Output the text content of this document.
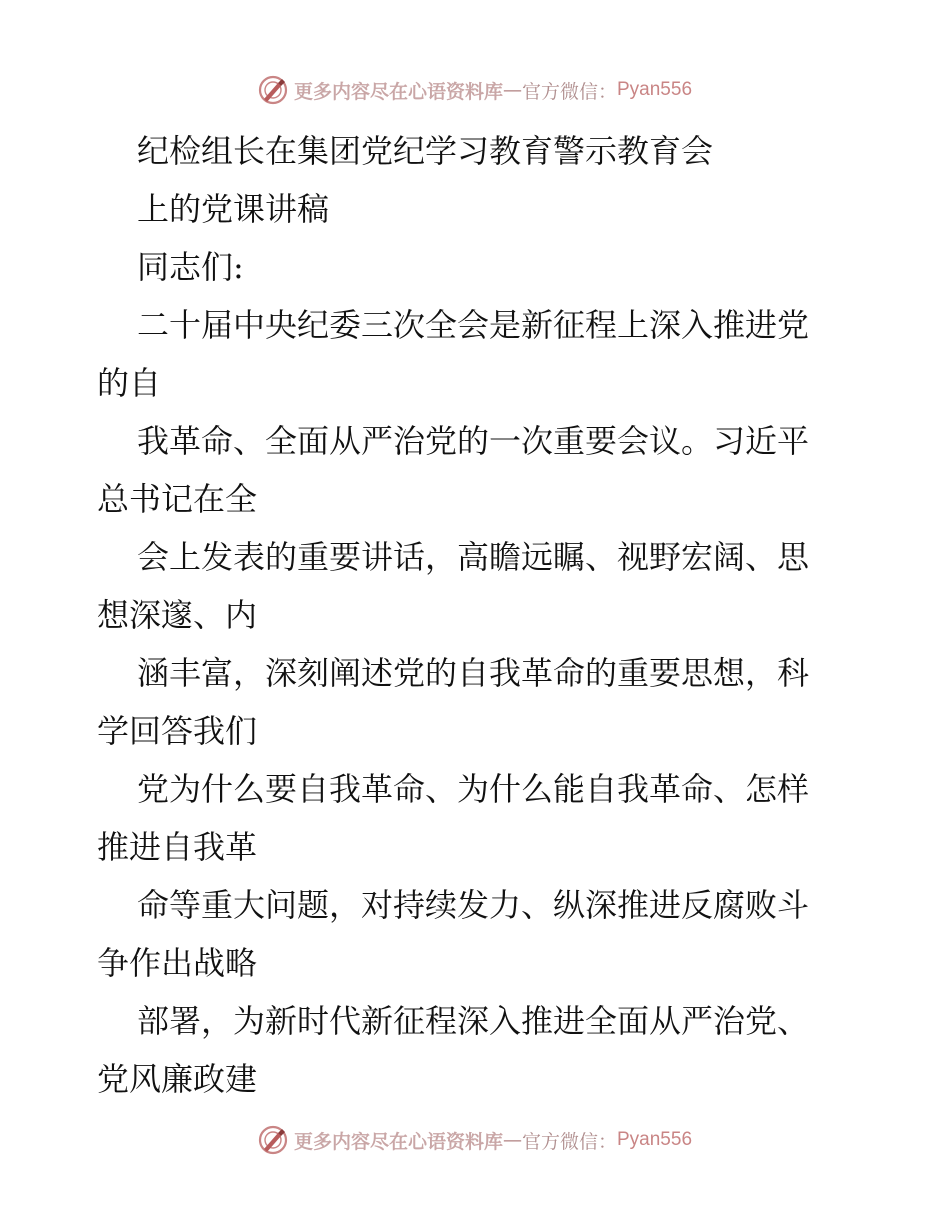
更多内容尽在心语资料库 — 官方微信： Pyan556
纪检组长在集团党纪学习教育警示教育会
上的党课讲稿
同志们:
二十届中央纪委三次全会是新征程上深入推进党
的自
我革命、全面从严治党的一次重要会议。习近平
总书记在全
会上发表的重要讲话，高瞻远瞩、视野宏阔、思
想深邃、内
涵丰富，深刻阐述党的自我革命的重要思想，科
学回答我们
党为什么要自我革命、为什么能自我革命、怎样
推进自我革
命等重大问题，对持续发力、纵深推进反腐败斗
争作出战略
部署，为新时代新征程深入推进全面从严治党、
党风廉政建
更多内容尽在心语资料库 — 官方微信： Pyan556
